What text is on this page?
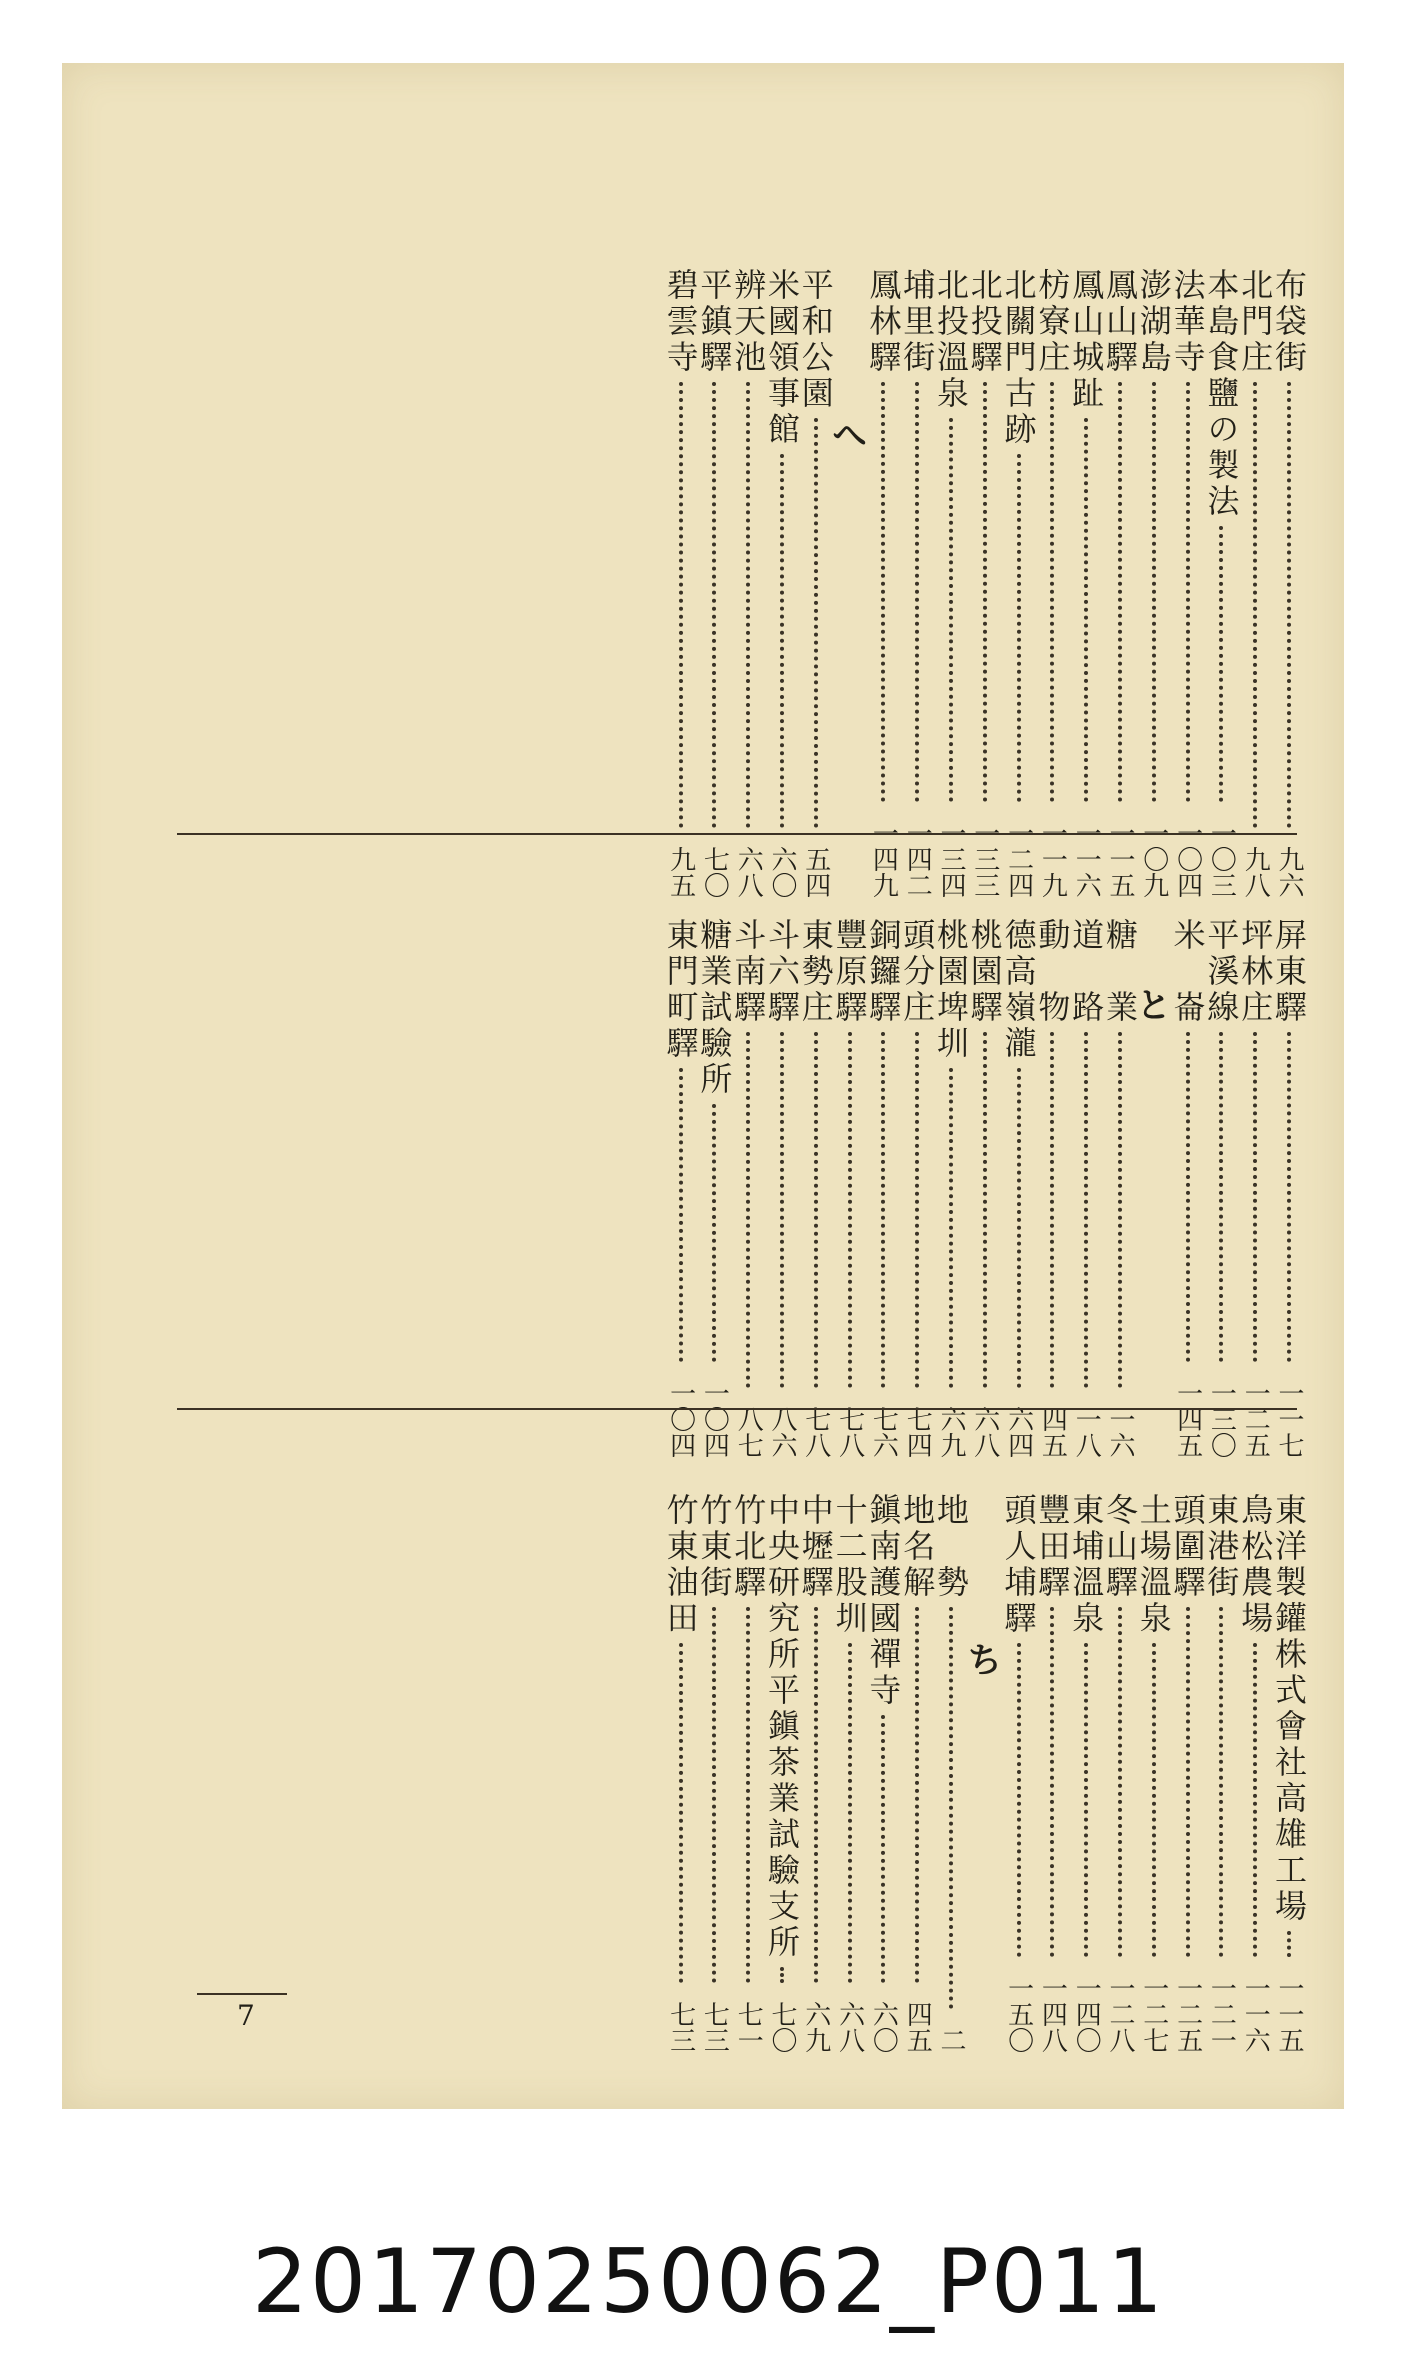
布袋街
九六
北門庄
九八
本島食鹽の製法
一〇三
法華寺
一〇四
澎湖島
一〇九
鳳山驛
一一五
鳳山城趾
一一六
枋寮庄
一一九
北關門古跡
一二四
北投驛
一三三
北投溫泉
一三四
埔里街
一四二
鳳林驛
一四九
へ
平和公園
五四
米國領事館
六〇
辨天池
六八
平鎮驛
七〇
碧雲寺
九五
屏東驛
一一七
坪林庄
一二五
平溪線
一三〇
米　崙
一四五
と
糖　業
一六
道　路
一八
動　物
四五
德高嶺瀧
六四
桃園驛
六八
桃園埤圳
六九
頭分庄
七四
銅鑼驛
七六
豐原驛
七八
東勢庄
七八
斗六驛
八六
斗南驛
八七
糖業試驗所
一〇四
東門町驛
一〇四
東洋製鑵株式會社高雄工場
一一五
鳥松農場
一一六
東港街
一二一
頭圍驛
一二五
土場溫泉
一二七
冬山驛
一二八
東埔溫泉
一四〇
豐田驛
一四八
頭人埔驛
一五〇
ち
地　勢
二
地名解
四五
鎭南護國禪寺
六〇
十二股圳
六八
中壢驛
六九
中央研究所平鎭茶業試驗支所
七〇
竹北驛
七一
竹東街
七三
竹東油田
七三
7
20170250062_P011
